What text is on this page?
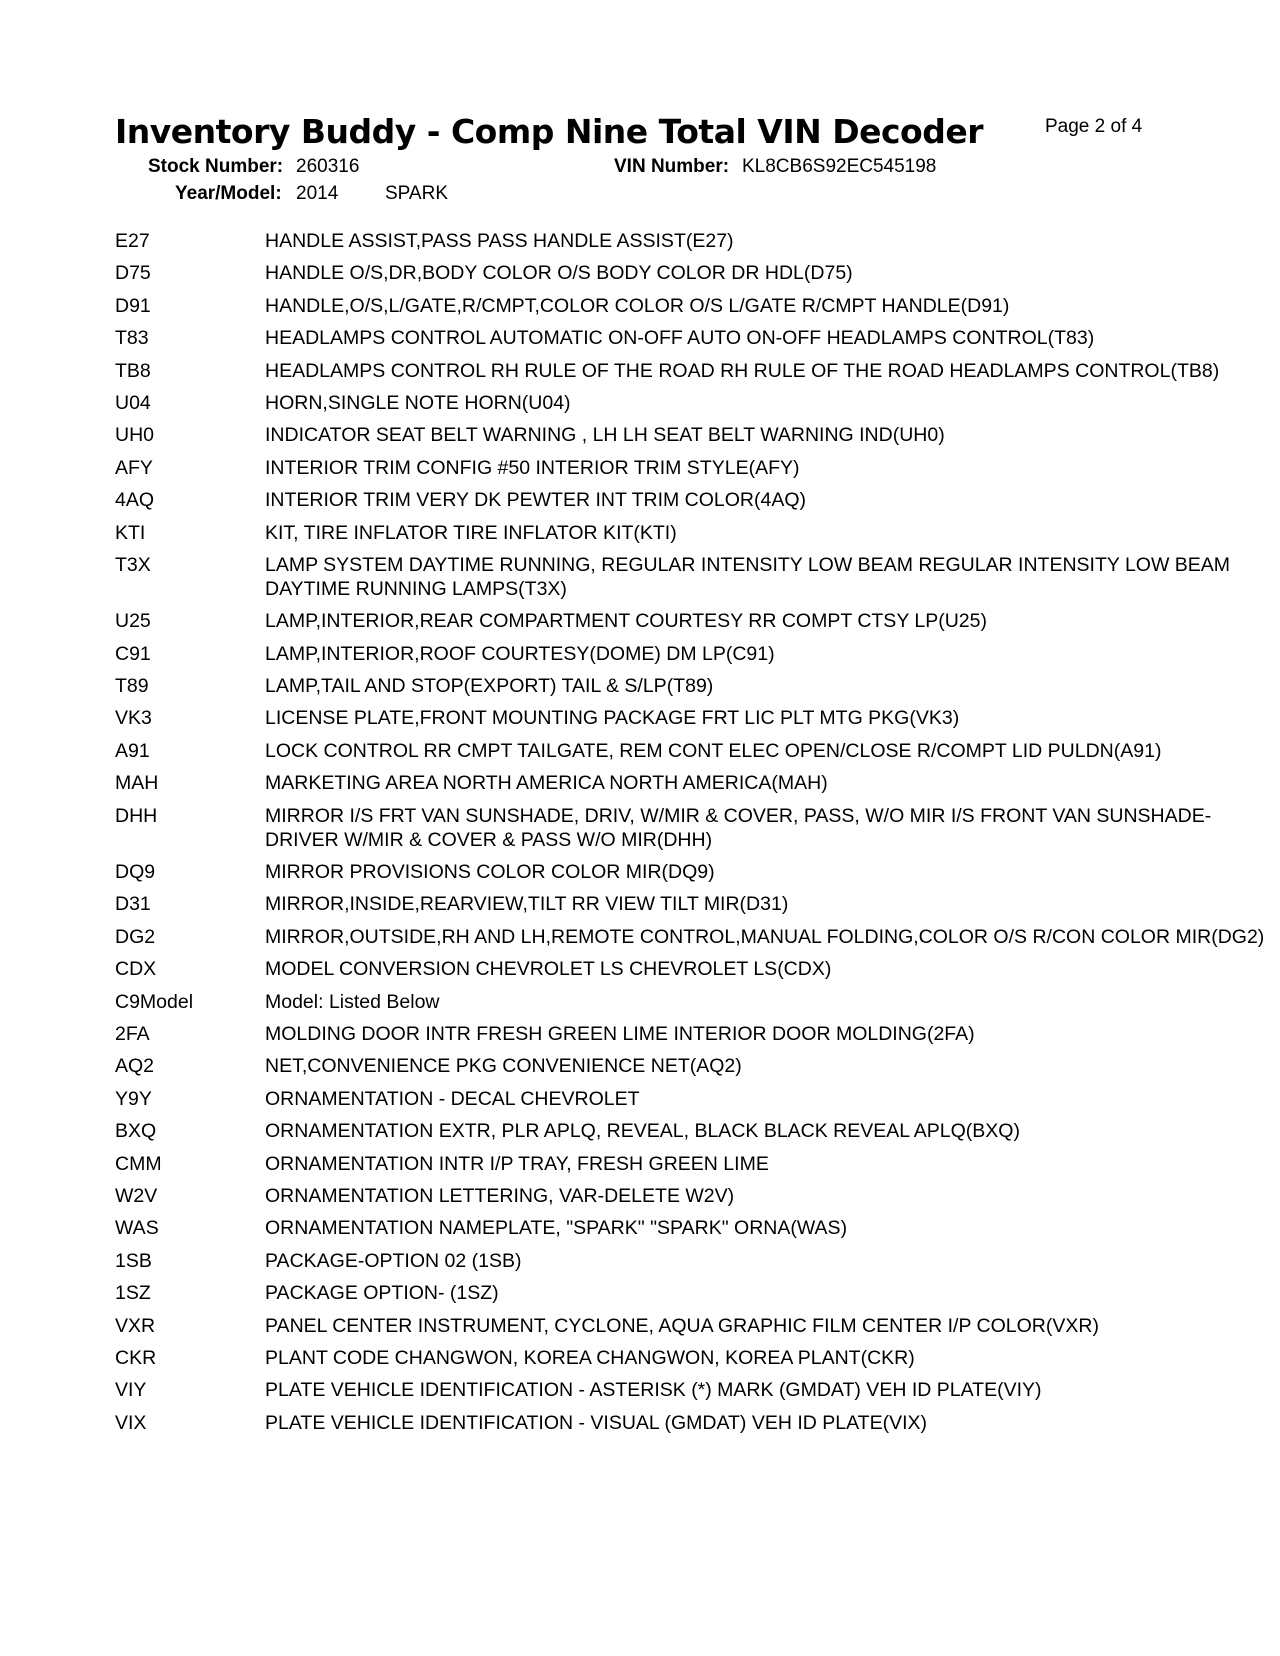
Inventory Buddy - Comp Nine Total VIN Decoder	Page 2 of 4
Stock Number: 260316	VIN Number: KL8CB6S92EC545198
Year/Model: 2014 SPARK
E27	HANDLE ASSIST,PASS PASS HANDLE ASSIST(E27)
D75	HANDLE O/S,DR,BODY COLOR O/S BODY COLOR DR HDL(D75)
D91	HANDLE,O/S,L/GATE,R/CMPT,COLOR COLOR O/S L/GATE R/CMPT HANDLE(D91)
T83	HEADLAMPS CONTROL AUTOMATIC ON-OFF AUTO ON-OFF HEADLAMPS CONTROL(T83)
TB8	HEADLAMPS CONTROL RH RULE OF THE ROAD RH RULE OF THE ROAD HEADLAMPS CONTROL(TB8)
U04	HORN,SINGLE NOTE HORN(U04)
UH0	INDICATOR SEAT BELT WARNING , LH LH SEAT BELT WARNING IND(UH0)
AFY	INTERIOR TRIM CONFIG #50 INTERIOR TRIM STYLE(AFY)
4AQ	INTERIOR TRIM VERY DK PEWTER INT TRIM COLOR(4AQ)
KTI	KIT, TIRE INFLATOR TIRE INFLATOR KIT(KTI)
T3X	LAMP SYSTEM DAYTIME RUNNING, REGULAR INTENSITY LOW BEAM REGULAR INTENSITY LOW BEAM DAYTIME RUNNING LAMPS(T3X)
U25	LAMP,INTERIOR,REAR COMPARTMENT COURTESY RR COMPT CTSY LP(U25)
C91	LAMP,INTERIOR,ROOF COURTESY(DOME) DM LP(C91)
T89	LAMP,TAIL AND STOP(EXPORT) TAIL & S/LP(T89)
VK3	LICENSE PLATE,FRONT MOUNTING PACKAGE FRT LIC PLT MTG PKG(VK3)
A91	LOCK CONTROL RR CMPT TAILGATE, REM CONT ELEC OPEN/CLOSE R/COMPT LID PULDN(A91)
MAH	MARKETING AREA NORTH AMERICA NORTH AMERICA(MAH)
DHH	MIRROR I/S FRT VAN SUNSHADE, DRIV, W/MIR & COVER, PASS, W/O MIR I/S FRONT VAN SUNSHADE-DRIVER W/MIR & COVER & PASS W/O MIR(DHH)
DQ9	MIRROR PROVISIONS COLOR COLOR MIR(DQ9)
D31	MIRROR,INSIDE,REARVIEW,TILT RR VIEW TILT MIR(D31)
DG2	MIRROR,OUTSIDE,RH AND LH,REMOTE CONTROL,MANUAL FOLDING,COLOR O/S R/CON COLOR MIR(DG2)
CDX	MODEL CONVERSION CHEVROLET LS CHEVROLET LS(CDX)
C9Model	Model: Listed Below
2FA	MOLDING DOOR INTR FRESH GREEN LIME INTERIOR DOOR MOLDING(2FA)
AQ2	NET,CONVENIENCE PKG CONVENIENCE NET(AQ2)
Y9Y	ORNAMENTATION - DECAL CHEVROLET
BXQ	ORNAMENTATION EXTR, PLR APLQ, REVEAL, BLACK BLACK REVEAL APLQ(BXQ)
CMM	ORNAMENTATION INTR I/P TRAY, FRESH GREEN LIME
W2V	ORNAMENTATION LETTERING, VAR-DELETE W2V)
WAS	ORNAMENTATION NAMEPLATE, "SPARK" "SPARK" ORNA(WAS)
1SB	PACKAGE-OPTION 02 (1SB)
1SZ	PACKAGE OPTION- (1SZ)
VXR	PANEL CENTER INSTRUMENT, CYCLONE, AQUA GRAPHIC FILM CENTER I/P COLOR(VXR)
CKR	PLANT CODE CHANGWON, KOREA CHANGWON, KOREA PLANT(CKR)
VIY	PLATE VEHICLE IDENTIFICATION - ASTERISK (*) MARK (GMDAT) VEH ID PLATE(VIY)
VIX	PLATE VEHICLE IDENTIFICATION - VISUAL (GMDAT) VEH ID PLATE(VIX)
